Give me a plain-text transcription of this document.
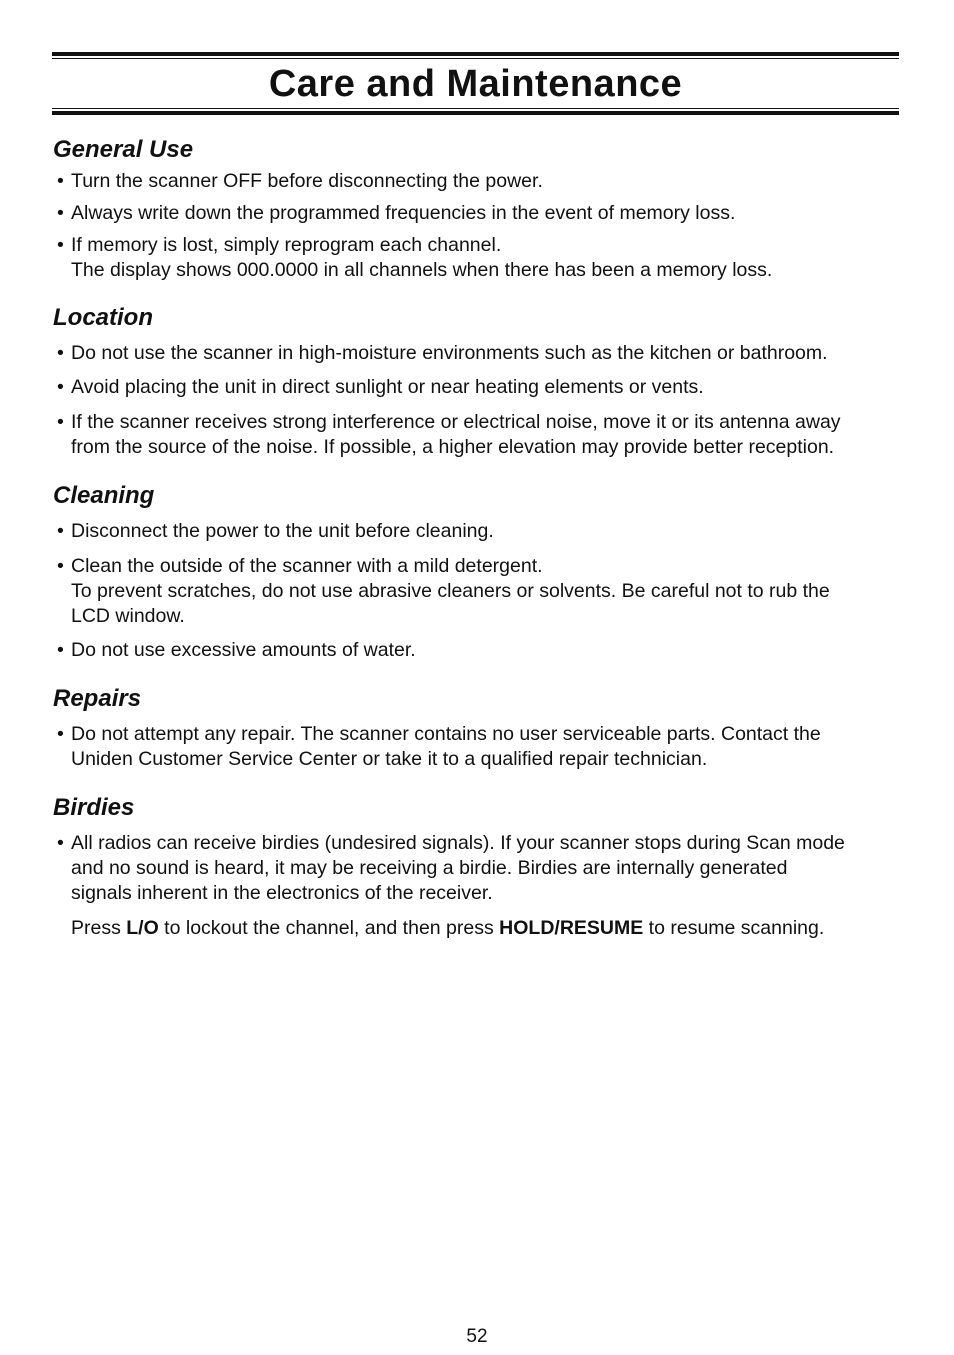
Care and Maintenance
General Use
• Turn the scanner OFF before disconnecting the power.
• Always write down the programmed frequencies in the event of memory loss.
• If memory is lost, simply reprogram each channel.
The display shows 000.0000 in all channels when there has been a memory loss.
Location
• Do not use the scanner in high-moisture environments such as the kitchen or bathroom.
• Avoid placing the unit in direct sunlight or near heating elements or vents.
• If the scanner receives strong interference or electrical noise, move it or its antenna away
from the source of the noise. If possible, a higher elevation may provide better reception.
Cleaning
• Disconnect the power to the unit before cleaning.
• Clean the outside of the scanner with a mild detergent.
To prevent scratches, do not use abrasive cleaners or solvents. Be careful not to rub the
LCD window.
• Do not use excessive amounts of water.
Repairs
• Do not attempt any repair. The scanner contains no user serviceable parts. Contact the
Uniden Customer Service Center or take it to a qualified repair technician.
Birdies
• All radios can receive birdies (undesired signals). If your scanner stops during Scan mode
and no sound is heard, it may be receiving a birdie. Birdies are internally generated
signals inherent in the electronics of the receiver.
Press L/O to lockout the channel, and then press HOLD/RESUME to resume scanning.
52
